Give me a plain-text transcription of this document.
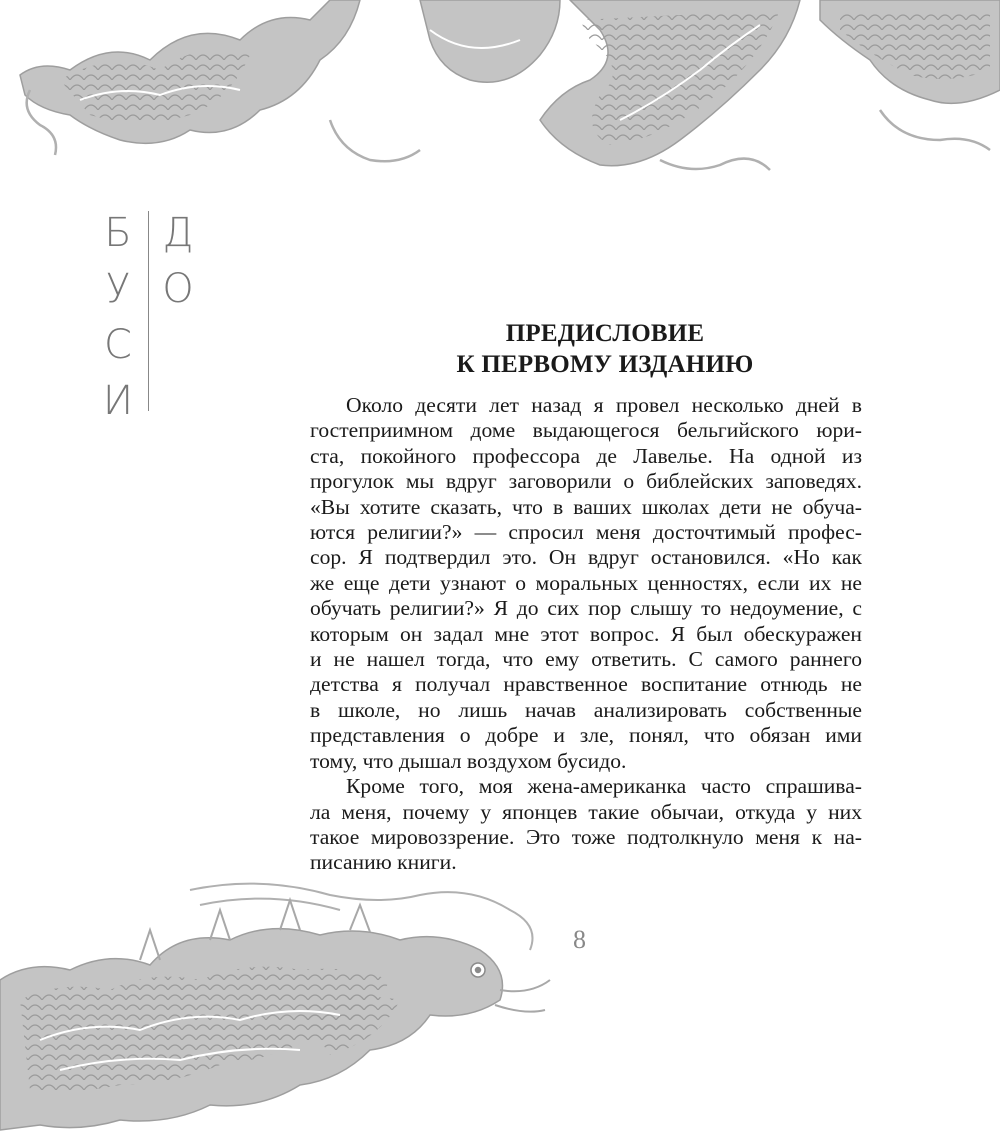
Б
У
С
И
Д
О
ПРЕДИСЛОВИЕ
К ПЕРВОМУ ИЗДАНИЮ

Около десяти лет назад я провел несколько дней в
гостеприимном доме выдающегося бельгийского юри-
ста, покойного профессора де Лавелье. На одной из
прогулок мы вдруг заговорили о библейских заповедях.
«Вы хотите сказать, что в ваших школах дети не обуча-
ются религии?» — спросил меня досточтимый профес-
сор. Я подтвердил это. Он вдруг остановился. «Но как
же еще дети узнают о моральных ценностях, если их не
обучать религии?» Я до сих пор слышу то недоумение, с
которым он задал мне этот вопрос. Я был обескуражен
и не нашел тогда, что ему ответить. С самого раннего
детства я получал нравственное воспитание отнюдь не
в школе, но лишь начав анализировать собственные
представления о добре и зле, понял, что обязан ими
тому, что дышал воздухом бусидо.

Кроме того, моя жена-американка часто спрашива-
ла меня, почему у японцев такие обычаи, откуда у них
такое мировоззрение. Это тоже подтолкнуло меня к на-
писанию книги.

8
